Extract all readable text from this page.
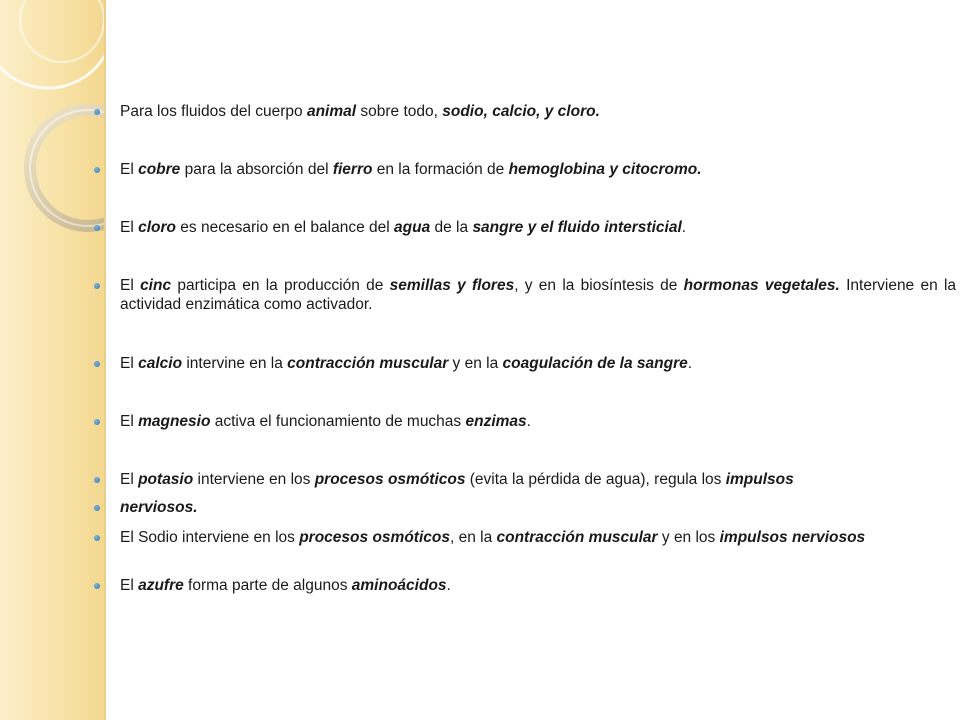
Para los fluidos del cuerpo animal sobre todo, sodio, calcio, y cloro.
El cobre para la absorción del fierro en la formación de hemoglobina y citocromo.
El cloro es necesario en el balance del agua de la sangre y el fluido intersticial.
El cinc participa en la producción de semillas y flores, y en la biosíntesis de hormonas vegetales. Interviene en la actividad enzimática como activador.
El calcio intervine en la contracción muscular y en la coagulación de la sangre.
El magnesio activa el funcionamiento de muchas enzimas.
El potasio interviene en los procesos osmóticos (evita la pérdida de agua), regula los impulsos
nerviosos.
El Sodio interviene en los procesos osmóticos, en la contracción muscular y en los impulsos nerviosos
El azufre forma parte de algunos aminoácidos.
